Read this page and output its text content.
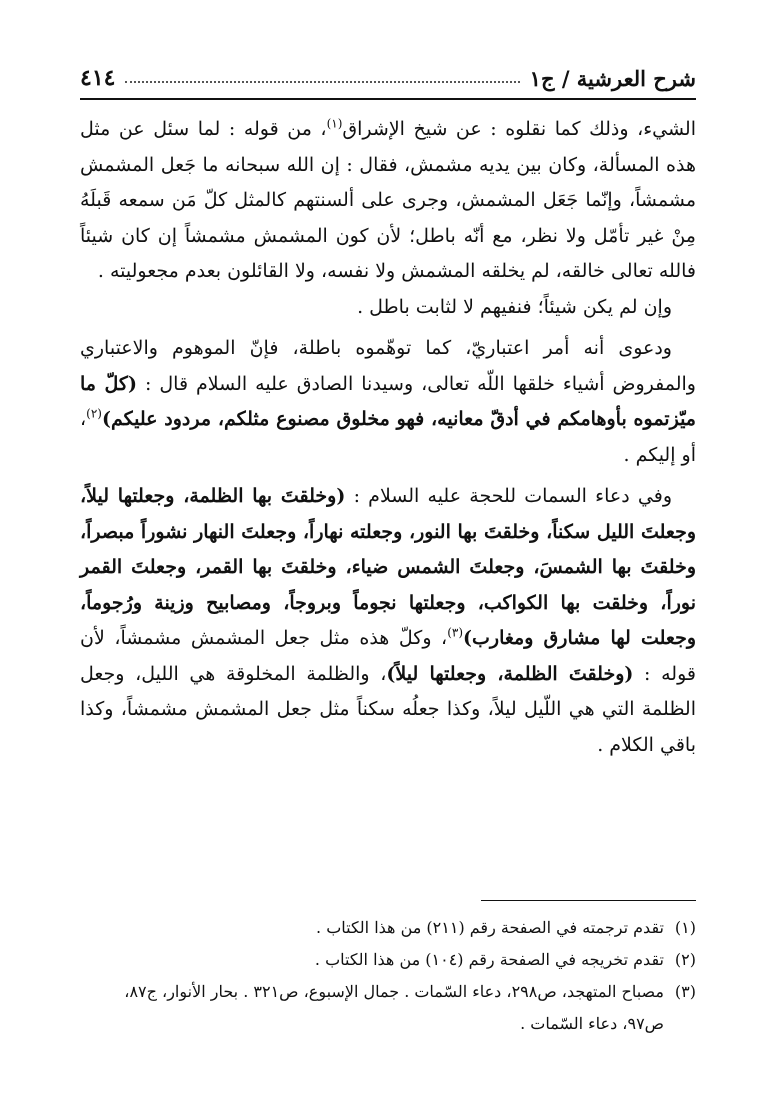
٤١٤	شرح العرشية / ج١

الشيء، وذلك كما نقلوه : عن شيخ الإشراق$^{(١)}$، من قوله : لما سئل عن مثل هذه المسألة، وكان بين يديه مشمش، فقال : إن الله سبحانه ما جَعل المشمش مشمشاً، وإنّما جَعَل المشمش، وجرى على ألسنتهم كالمثل كلّ مَن سمعه قَبلَهُ مِنْ غير تأمّل ولا نظر، مع أنّه باطل؛ لأن كون المشمش مشمشاً إن كان شيئاً فالله تعالى خالقه، لم يخلقه المشمش ولا نفسه، ولا القائلون بعدم مجعوليته .

وإن لم يكن شيئاً؛ فنفيهم لا لثابت باطل .

ودعوى أنه أمر اعتباريّ، كما توهّموه باطلة، فإنّ الموهوم والاعتباري والمفروض أشياء خلقها اللّه تعالى، وسيدنا الصادق عليه السلام قال : (كلّ ما ميّزتموه بأوهامكم في أدقّ معانيه، فهو مخلوق مصنوع مثلكم، مردود عليكم)$^{(٢)}$، أو إليكم .

وفي دعاء السمات للحجة عليه السلام : (وخلقتَ بها الظلمة، وجعلتها ليلاً، وجعلتَ الليل سكناً، وخلقتَ بها النور، وجعلته نهاراً، وجعلتَ النهار نشوراً مبصراً، وخلقتَ بها الشمسَ، وجعلتَ الشمس ضياء، وخلقتَ بها القمر، وجعلتَ القمر نوراً، وخلقت بها الكواكب، وجعلتها نجوماً وبروجاً، ومصابيح وزينة ورُجوماً، وجعلت لها مشارق ومغارب)$^{(٣)}$، وكلّ هذه مثل جعل المشمش مشمشاً، لأن قوله : (وخلقتَ الظلمة، وجعلتها ليلاً)، والظلمة المخلوقة هي الليل، وجعل الظلمة التي هي اللّيل ليلاً، وكذا جعلُه سكناً مثل جعل المشمش مشمشاً، وكذا باقي الكلام .

(١)
تقدم ترجمته في الصفحة رقم (٢١١) من هذا الكتاب .
(٢)
تقدم تخريجه في الصفحة رقم (١٠٤) من هذا الكتاب .
(٣)
مصباح المتهجد، ص٢٩٨، دعاء السّمات . جمال الإسبوع، ص٣٢١ . بحار الأنوار، ج٨٧، ص٩٧، دعاء السّمات .
